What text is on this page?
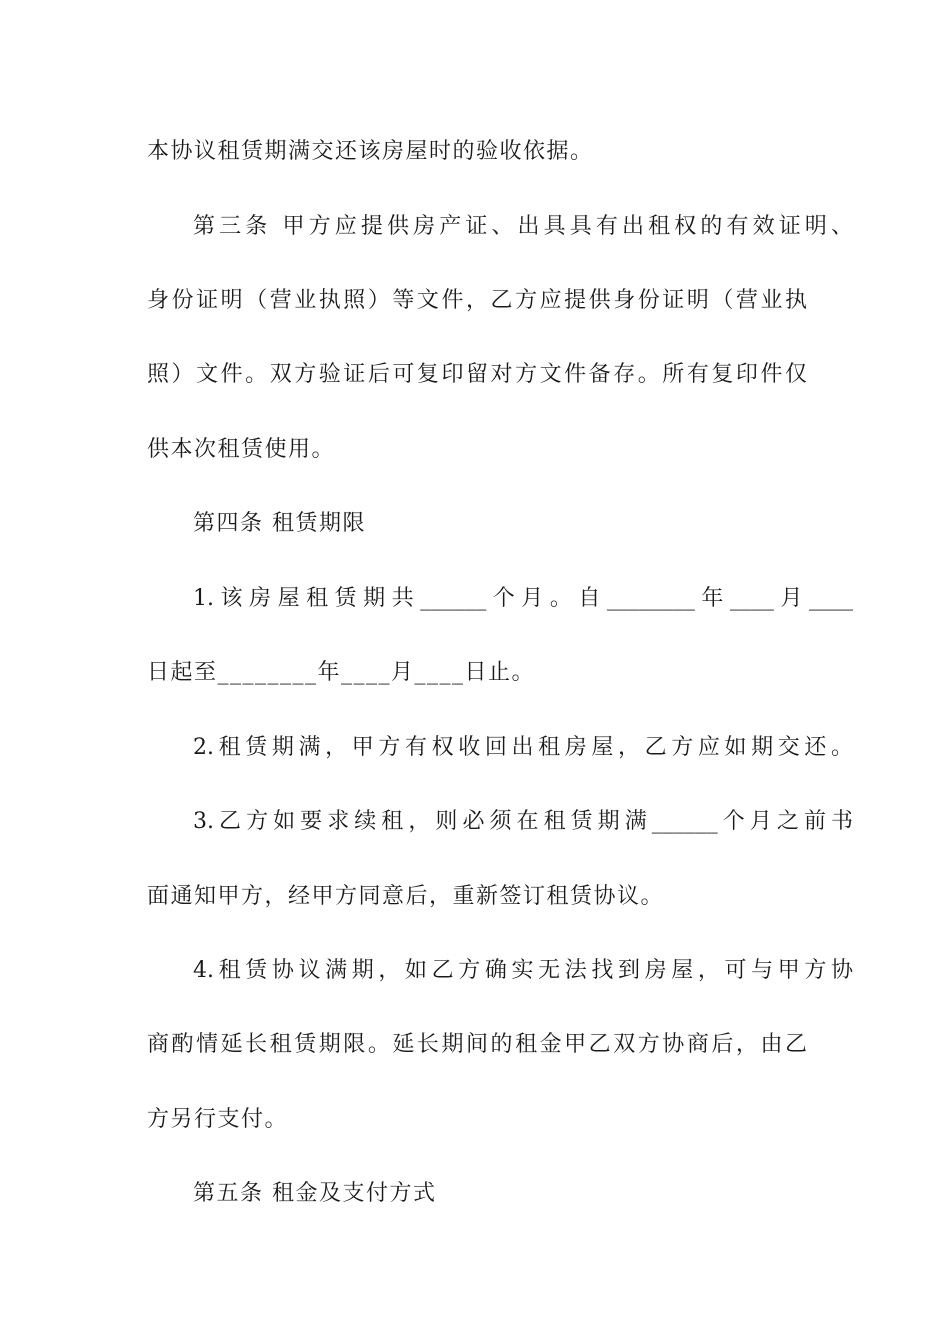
本协议租赁期满交还该房屋时的验收依据。
第三条 甲方应提供房产证、出具具有出租权的有效证明、
身份证明（营业执照）等文件，乙方应提供身份证明（营业执
照）文件。双方验证后可复印留对方文件备存。所有复印件仅
供本次租赁使用。
第四条 租赁期限
1.该房屋租赁期共______个月。自________年____月____
日起至________年____月____日止。
2.租赁期满，甲方有权收回出租房屋，乙方应如期交还。
3.乙方如要求续租，则必须在租赁期满______个月之前书
面通知甲方，经甲方同意后，重新签订租赁协议。
4.租赁协议满期，如乙方确实无法找到房屋，可与甲方协
商酌情延长租赁期限。延长期间的租金甲乙双方协商后，由乙
方另行支付。
第五条 租金及支付方式
